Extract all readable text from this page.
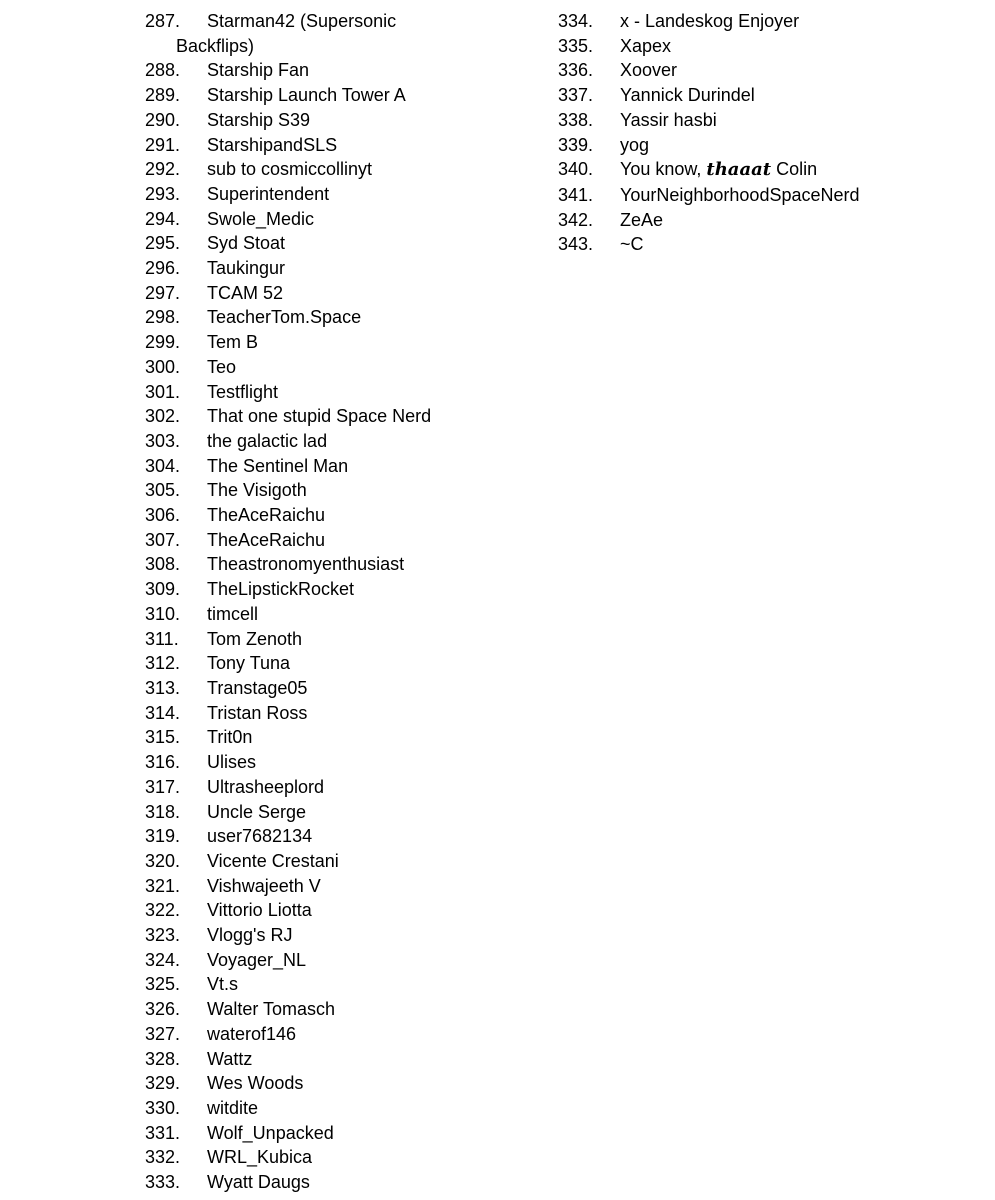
287. Starman42 (Supersonic
Backflips)
288.	Starship Fan
289.	Starship Launch Tower A
290.	Starship S39
291.	StarshipandSLS
292.	sub to cosmiccollinyt
293.	Superintendent
294.	Swole_Medic
295.	Syd Stoat
296.	Taukingur
297.	TCAM 52
298.	TeacherTom.Space
299.	Tem B
300.	Teo
301.	Testflight
302.	That one stupid Space Nerd
303.	the galactic lad
304.	The Sentinel Man
305.	The Visigoth
306.	TheAceRaichu
307.	TheAceRaichu
308.	Theastronomyenthusiast
309.	TheLipstickRocket
310.	timcell
311.	Tom Zenoth
312.	Tony Tuna
313.	Transtage05
314.	Tristan Ross
315.	Trit0n
316.	Ulises
317.	Ultrasheeplord
318.	Uncle Serge
319.	user7682134
320.	Vicente Crestani
321.	Vishwajeeth V
322.	Vittorio Liotta
323.	Vlogg's RJ
324.	Voyager_NL
325.	Vt.s
326.	Walter Tomasch
327.	waterof146
328.	Wattz
329.	Wes Woods
330.	witdite
331.	Wolf_Unpacked
332.	WRL_Kubica
333.	Wyatt Daugs
334.	x - Landeskog Enjoyer
335.	Xapex
336.	Xoover
337.	Yannick Durindel
338.	Yassir hasbi
339.	yog
340.	You know, thaaat Colin
341.	YourNeighborhoodSpaceNerd
342.	ZeAe
343.	~C
